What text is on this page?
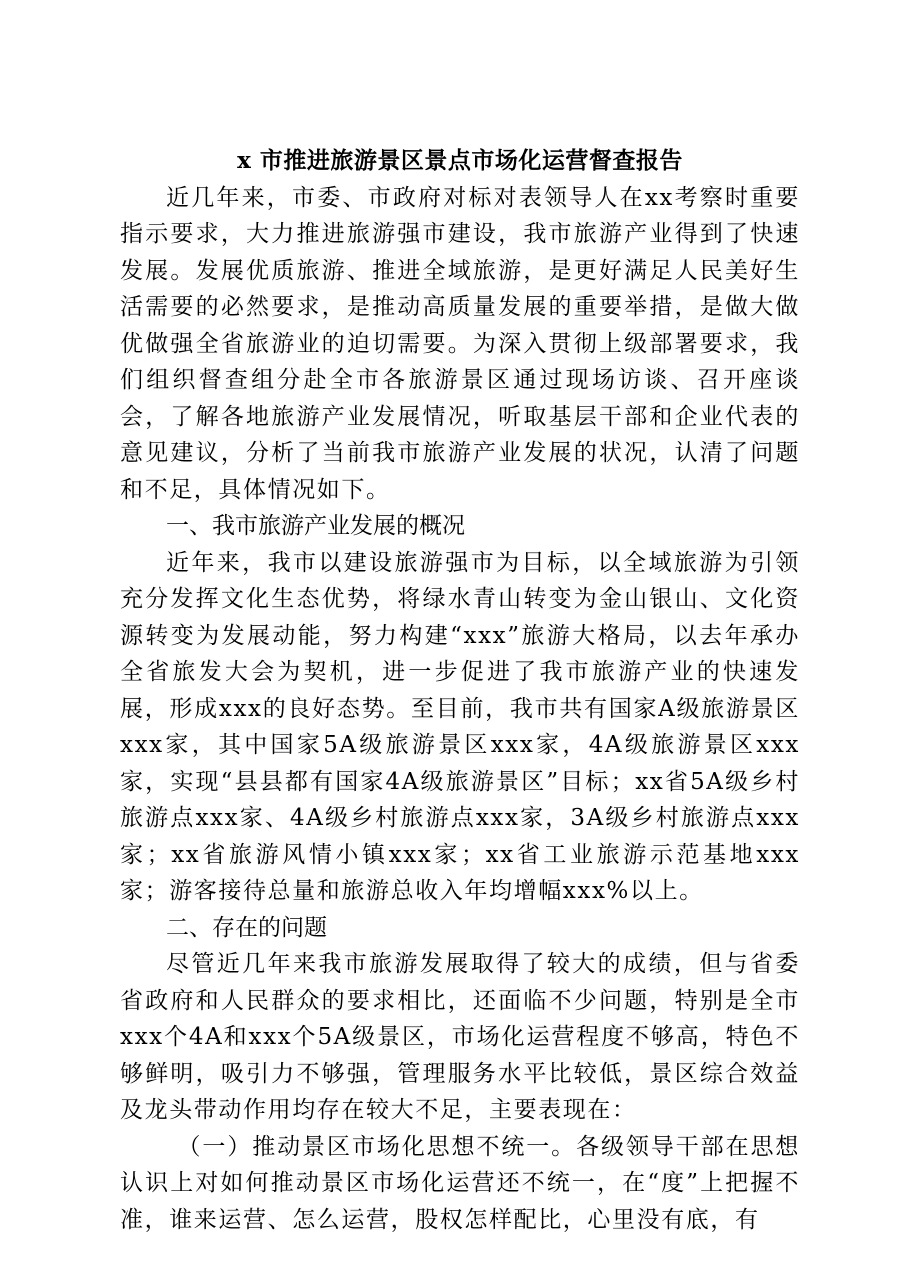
x 市推进旅游景区景点市场化运营督查报告

近几年来，市委、市政府对标对表领导人在xx考察时重要指示要求，大力推进旅游强市建设，我市旅游产业得到了快速发展。发展优质旅游、推进全域旅游，是更好满足人民美好生活需要的必然要求，是推动高质量发展的重要举措，是做大做优做强全省旅游业的迫切需要。为深入贯彻上级部署要求，我们组织督查组分赴全市各旅游景区通过现场访谈、召开座谈会，了解各地旅游产业发展情况，听取基层干部和企业代表的意见建议，分析了当前我市旅游产业发展的状况，认清了问题和不足，具体情况如下。

一、我市旅游产业发展的概况

近年来，我市以建设旅游强市为目标，以全域旅游为引领充分发挥文化生态优势，将绿水青山转变为金山银山、文化资源转变为发展动能，努力构建“xxx”旅游大格局，以去年承办全省旅发大会为契机，进一步促进了我市旅游产业的快速发展，形成xxx的良好态势。至目前，我市共有国家A级旅游景区xxx家，其中国家5A级旅游景区xxx家，4A级旅游景区xxx家，实现“县县都有国家4A级旅游景区”目标；xx省5A级乡村旅游点xxx家、4A级乡村旅游点xxx家，3A级乡村旅游点xxx家；xx省旅游风情小镇xxx家；xx省工业旅游示范基地xxx家；游客接待总量和旅游总收入年均增幅xxx%以上。

二、存在的问题

尽管近几年来我市旅游发展取得了较大的成绩，但与省委省政府和人民群众的要求相比，还面临不少问题，特别是全市xxx个4A和xxx个5A级景区，市场化运营程度不够高，特色不够鲜明，吸引力不够强，管理服务水平比较低，景区综合效益及龙头带动作用均存在较大不足，主要表现在：

（一）推动景区市场化思想不统一。各级领导干部在思想认识上对如何推动景区市场化运营还不统一，在“度”上把握不准，谁来运营、怎么运营，股权怎样配比，心里没有底，有
